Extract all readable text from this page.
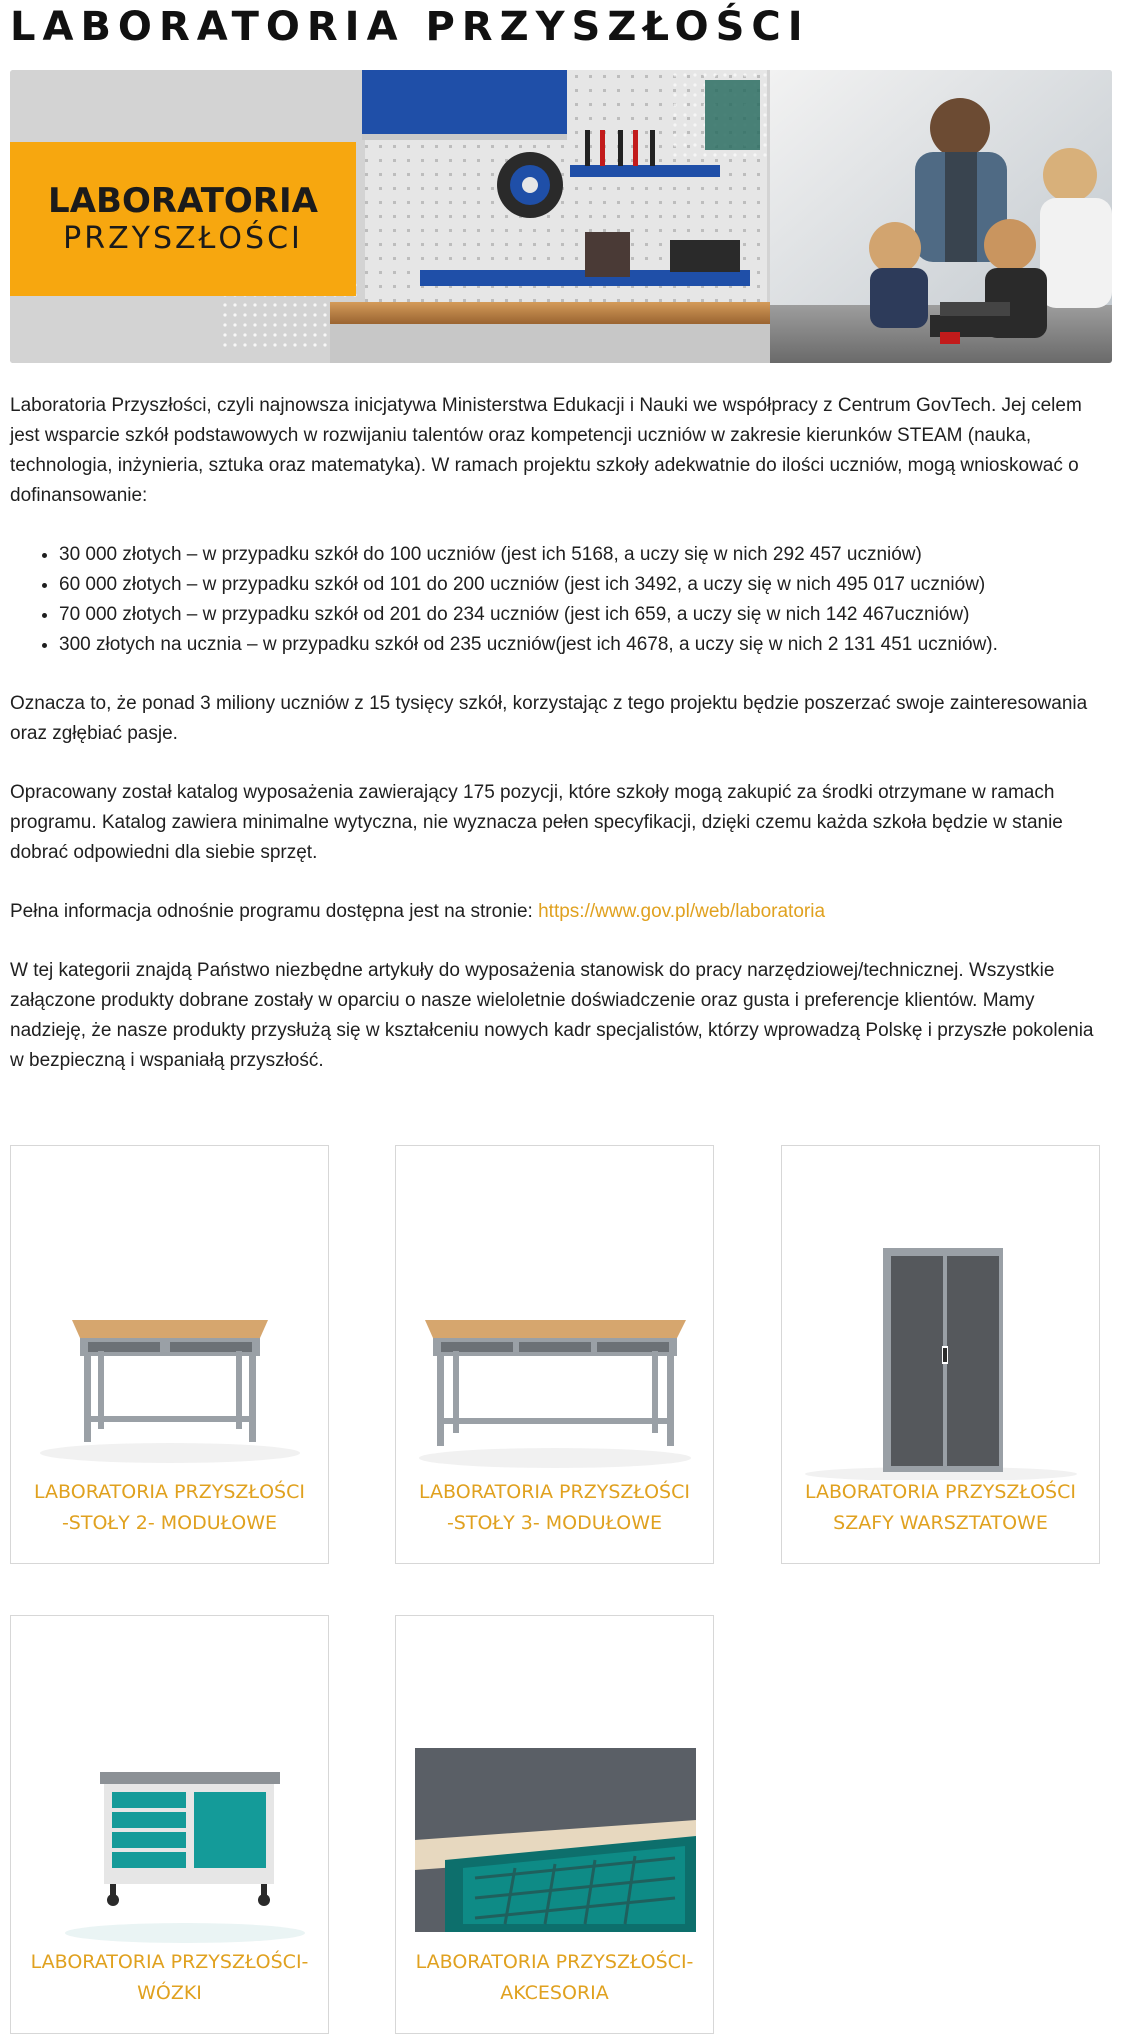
LABORATORIA PRZYSZŁOŚCI
LABORATORIA
PRZYSZŁOŚCI

Laboratoria Przyszłości, czyli najnowsza inicjatywa Ministerstwa Edukacji i Nauki we współpracy z Centrum GovTech. Jej celem jest wsparcie szkół podstawowych w rozwijaniu talentów oraz kompetencji uczniów w zakresie kierunków STEAM (nauka, technologia, inżynieria, sztuka oraz matematyka). W ramach projektu szkoły adekwatnie do ilości uczniów, mogą wnioskować o dofinansowanie:

• 30 000 złotych – w przypadku szkół do 100 uczniów (jest ich 5168, a uczy się w nich 292 457 uczniów)
• 60 000 złotych – w przypadku szkół od 101 do 200 uczniów (jest ich 3492, a uczy się w nich 495 017 uczniów)
• 70 000 złotych – w przypadku szkół od 201 do 234 uczniów (jest ich 659, a uczy się w nich 142 467uczniów)
• 300 złotych na ucznia – w przypadku szkół od 235 uczniów(jest ich 4678, a uczy się w nich 2 131 451 uczniów).

Oznacza to, że ponad 3 miliony uczniów z 15 tysięcy szkół, korzystając z tego projektu będzie poszerzać swoje zainteresowania oraz zgłębiać pasje.

Opracowany został katalog wyposażenia zawierający 175 pozycji, które szkoły mogą zakupić za środki otrzymane w ramach programu. Katalog zawiera minimalne wytyczna, nie wyznacza pełen specyfikacji, dzięki czemu każda szkoła będzie w stanie dobrać odpowiedni dla siebie sprzęt.

Pełna informacja odnośnie programu dostępna jest na stronie: https://www.gov.pl/web/laboratoria

W tej kategorii znajdą Państwo niezbędne artykuły do wyposażenia stanowisk do pracy narzędziowej/technicznej. Wszystkie załączone produkty dobrane zostały w oparciu o nasze wieloletnie doświadczenie oraz gusta i preferencje klientów. Mamy nadzieję, że nasze produkty przysłużą się w kształceniu nowych kadr specjalistów, którzy wprowadzą Polskę i przyszłe pokolenia w bezpieczną i wspaniałą przyszłość.

LABORATORIA PRZYSZŁOŚCI
-STOŁY 2- MODUŁOWE
LABORATORIA PRZYSZŁOŚCI
-STOŁY 3- MODUŁOWE
LABORATORIA PRZYSZŁOŚCI
SZAFY WARSZTATOWE
LABORATORIA PRZYSZŁOŚCI-
WÓZKI
LABORATORIA PRZYSZŁOŚCI-
AKCESORIA
